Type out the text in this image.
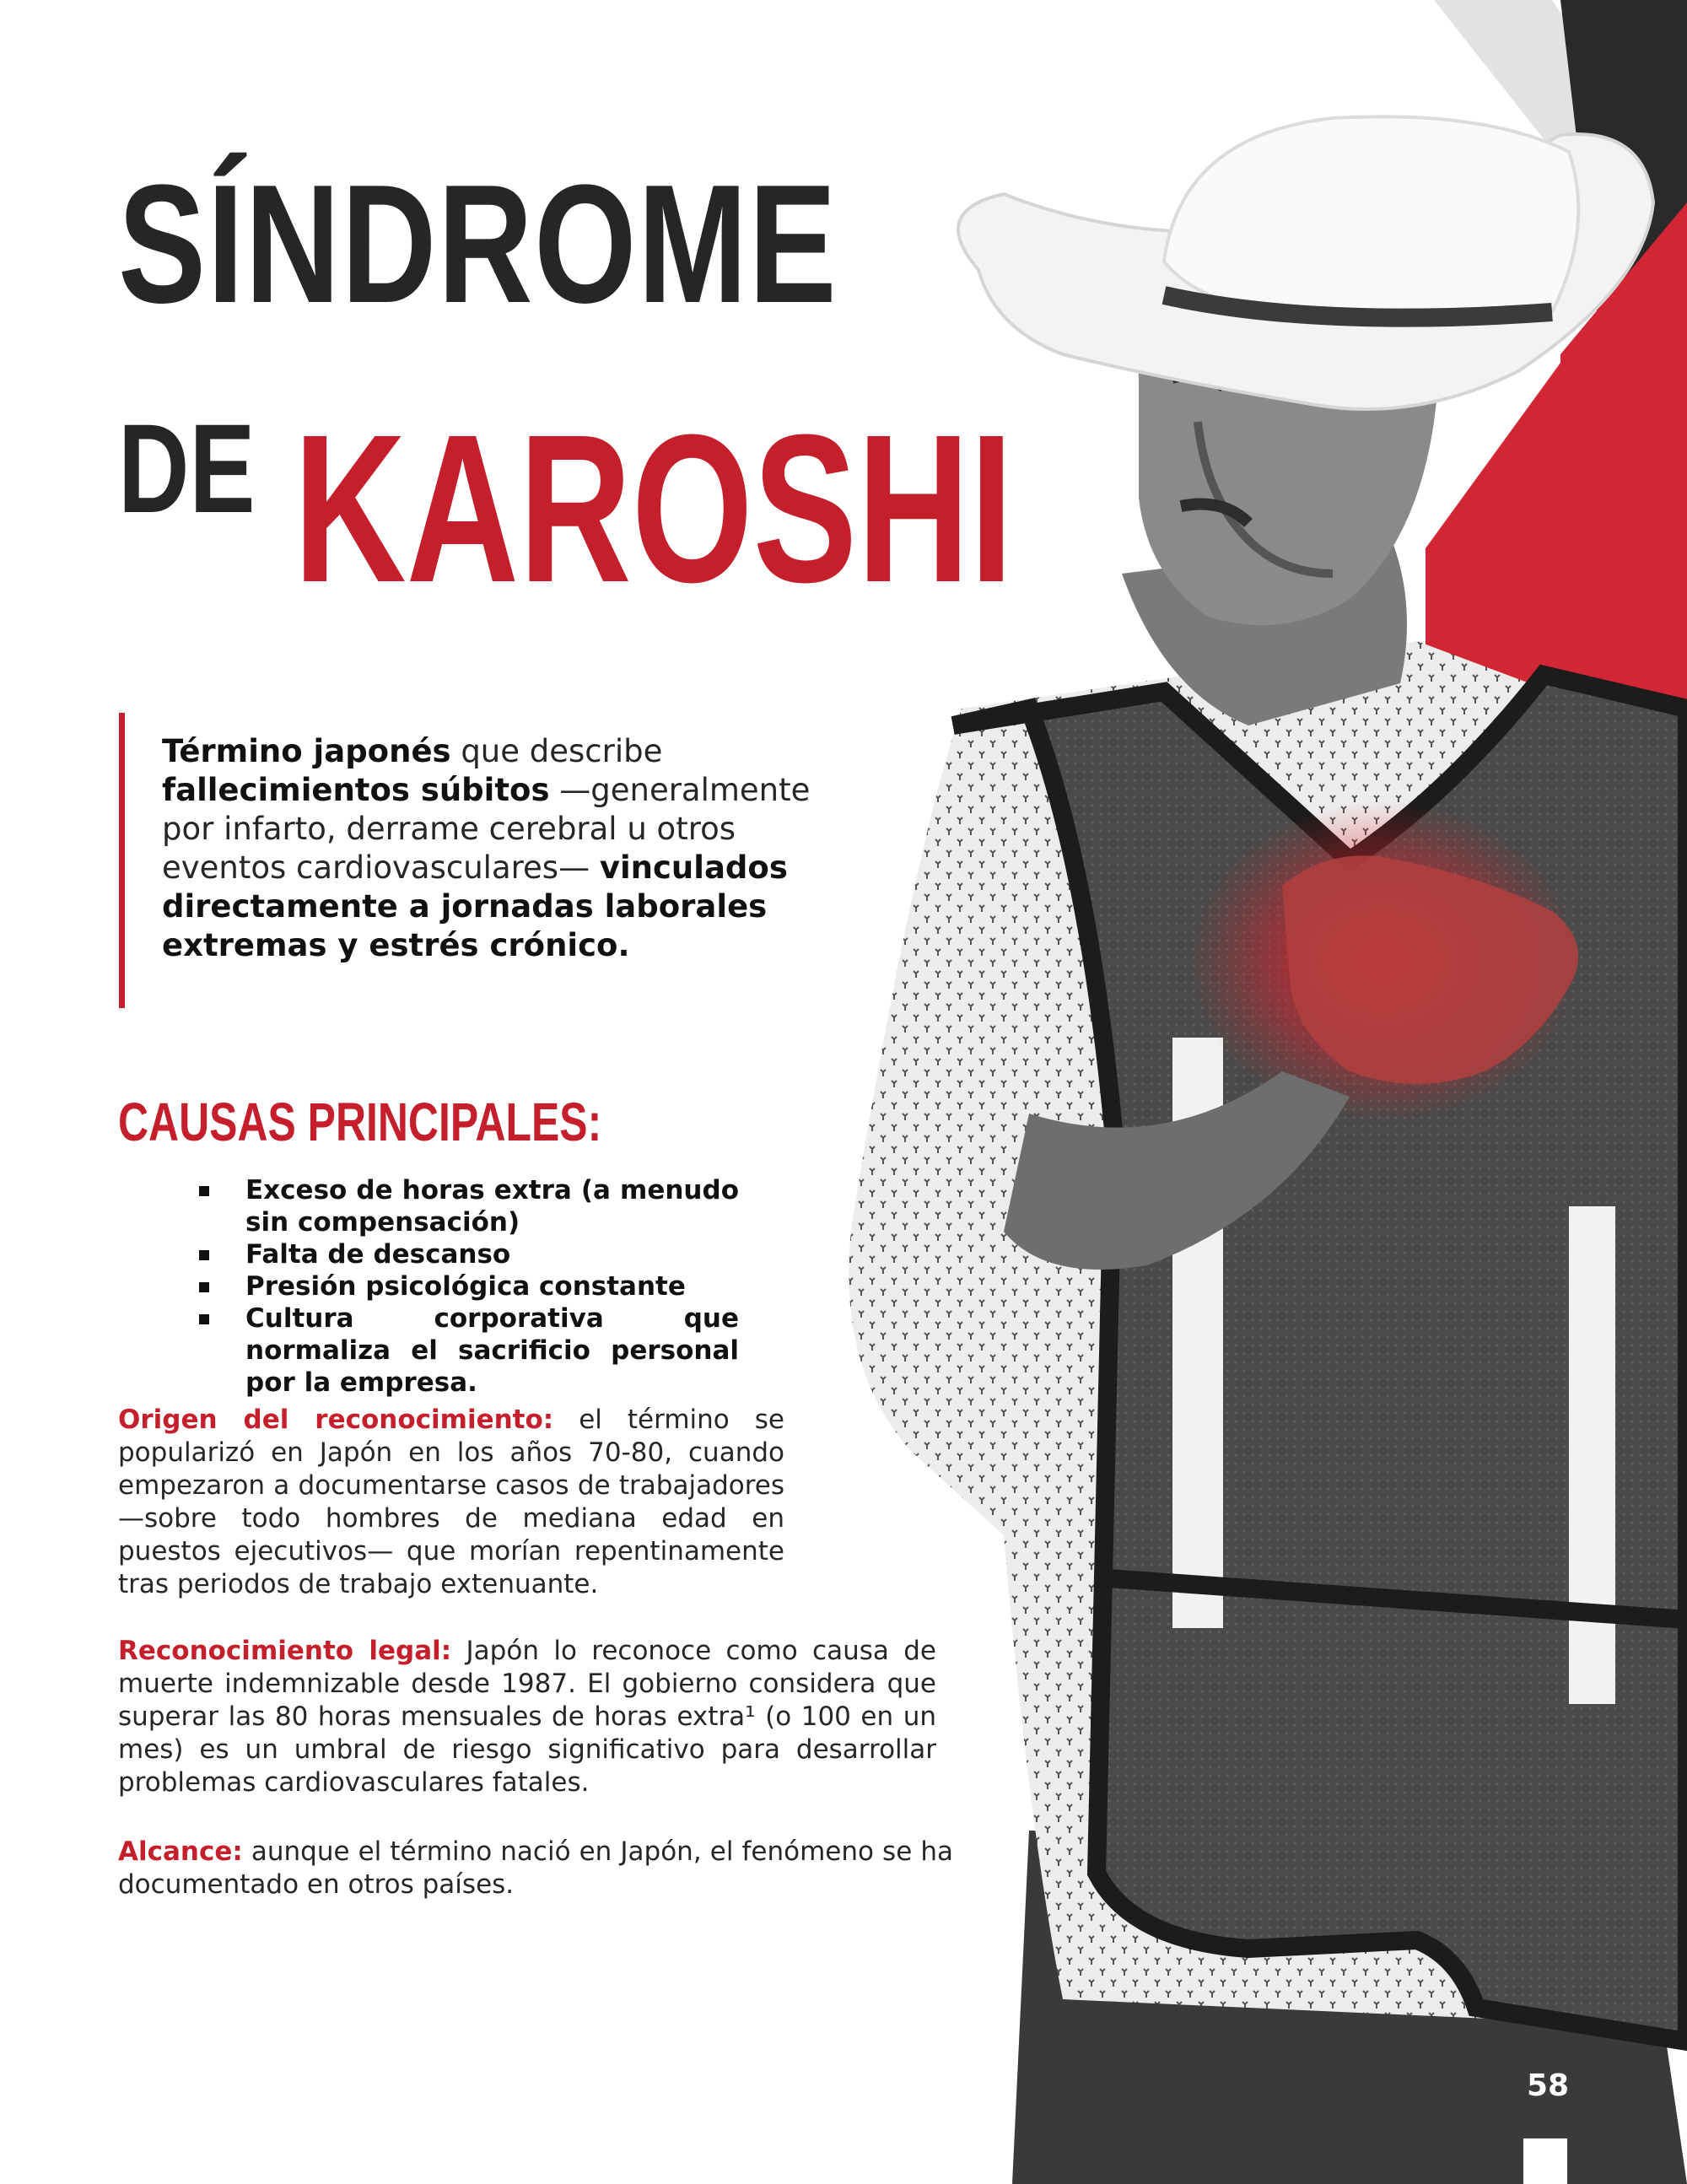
SÍNDROME
DE KAROSHI
Término japonés que describe fallecimientos súbitos —generalmente por infarto, derrame cerebral u otros eventos cardiovasculares— vinculados directamente a jornadas laborales extremas y estrés crónico.
CAUSAS PRINCIPALES:
Exceso de horas extra (a menudo sin compensación)
Falta de descanso
Presión psicológica constante
Cultura corporativa que normaliza el sacrificio personal por la empresa.
Origen del reconocimiento: el término se popularizó en Japón en los años 70-80, cuando empezaron a documentarse casos de trabajadores —sobre todo hombres de mediana edad en puestos ejecutivos— que morían repentinamente tras periodos de trabajo extenuante.
Reconocimiento legal: Japón lo reconoce como causa de muerte indemnizable desde 1987. El gobierno considera que superar las 80 horas mensuales de horas extra¹ (o 100 en un mes) es un umbral de riesgo significativo para desarrollar problemas cardiovasculares fatales.
Alcance: aunque el término nació en Japón, el fenómeno se ha documentado en otros países.
58
